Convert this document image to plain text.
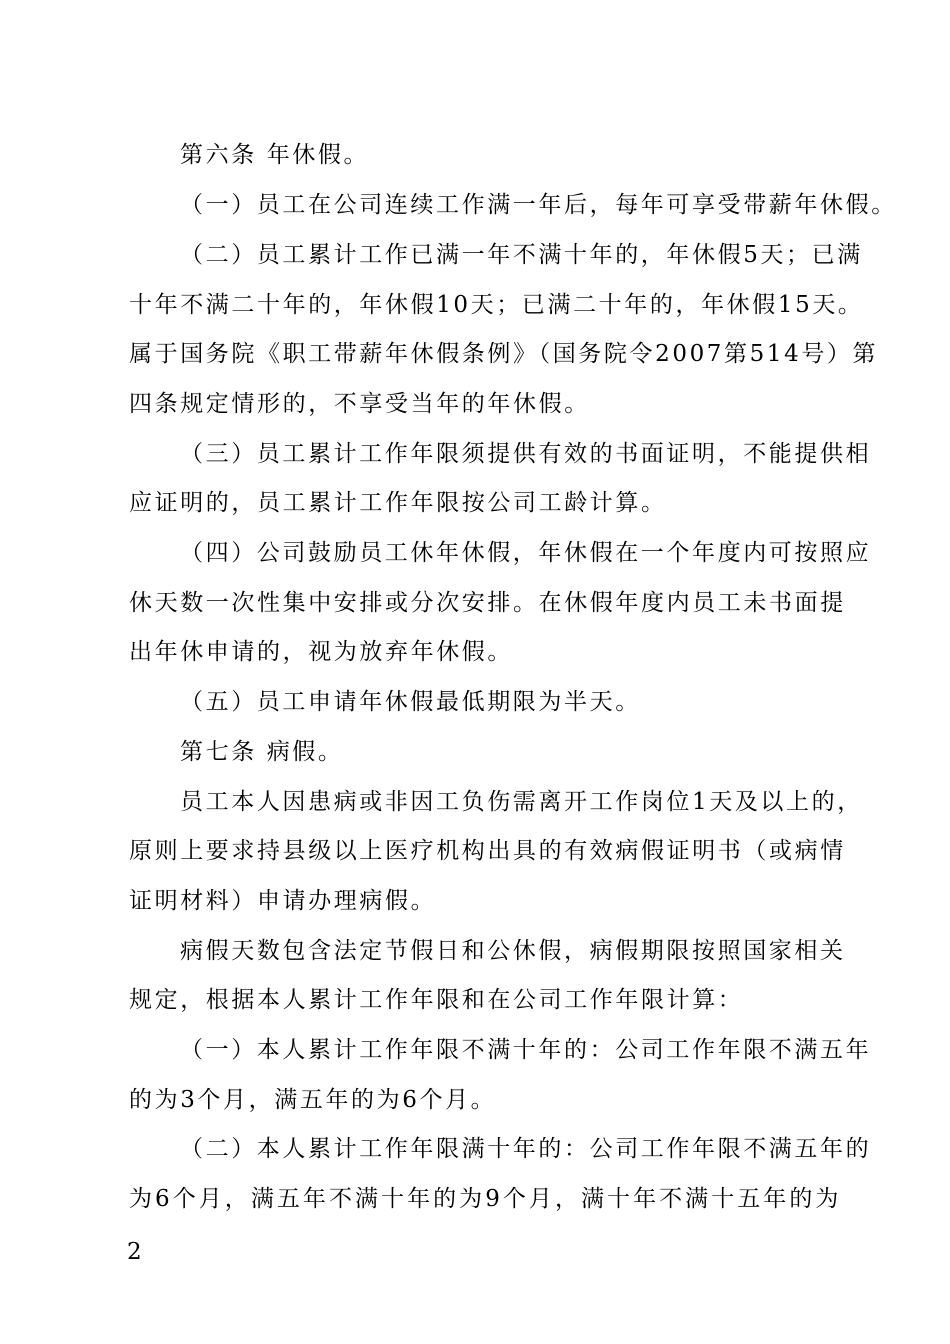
第六条 年休假。
（一）员工在公司连续工作满一年后，每年可享受带薪年休假。
（二）员工累计工作已满一年不满十年的，年休假5天；已满
十年不满二十年的，年休假10天；已满二十年的，年休假15天。
属于国务院《职工带薪年休假条例》（国务院令2007第514号）第
四条规定情形的，不享受当年的年休假。
（三）员工累计工作年限须提供有效的书面证明，不能提供相
应证明的，员工累计工作年限按公司工龄计算。
（四）公司鼓励员工休年休假，年休假在一个年度内可按照应
休天数一次性集中安排或分次安排。在休假年度内员工未书面提
出年休申请的，视为放弃年休假。
（五）员工申请年休假最低期限为半天。
第七条 病假。
员工本人因患病或非因工负伤需离开工作岗位1天及以上的，
原则上要求持县级以上医疗机构出具的有效病假证明书（或病情
证明材料）申请办理病假。
病假天数包含法定节假日和公休假，病假期限按照国家相关
规定，根据本人累计工作年限和在公司工作年限计算：
（一）本人累计工作年限不满十年的：公司工作年限不满五年
的为3个月，满五年的为6个月。
（二）本人累计工作年限满十年的：公司工作年限不满五年的
为6个月，满五年不满十年的为9个月，满十年不满十五年的为
2
